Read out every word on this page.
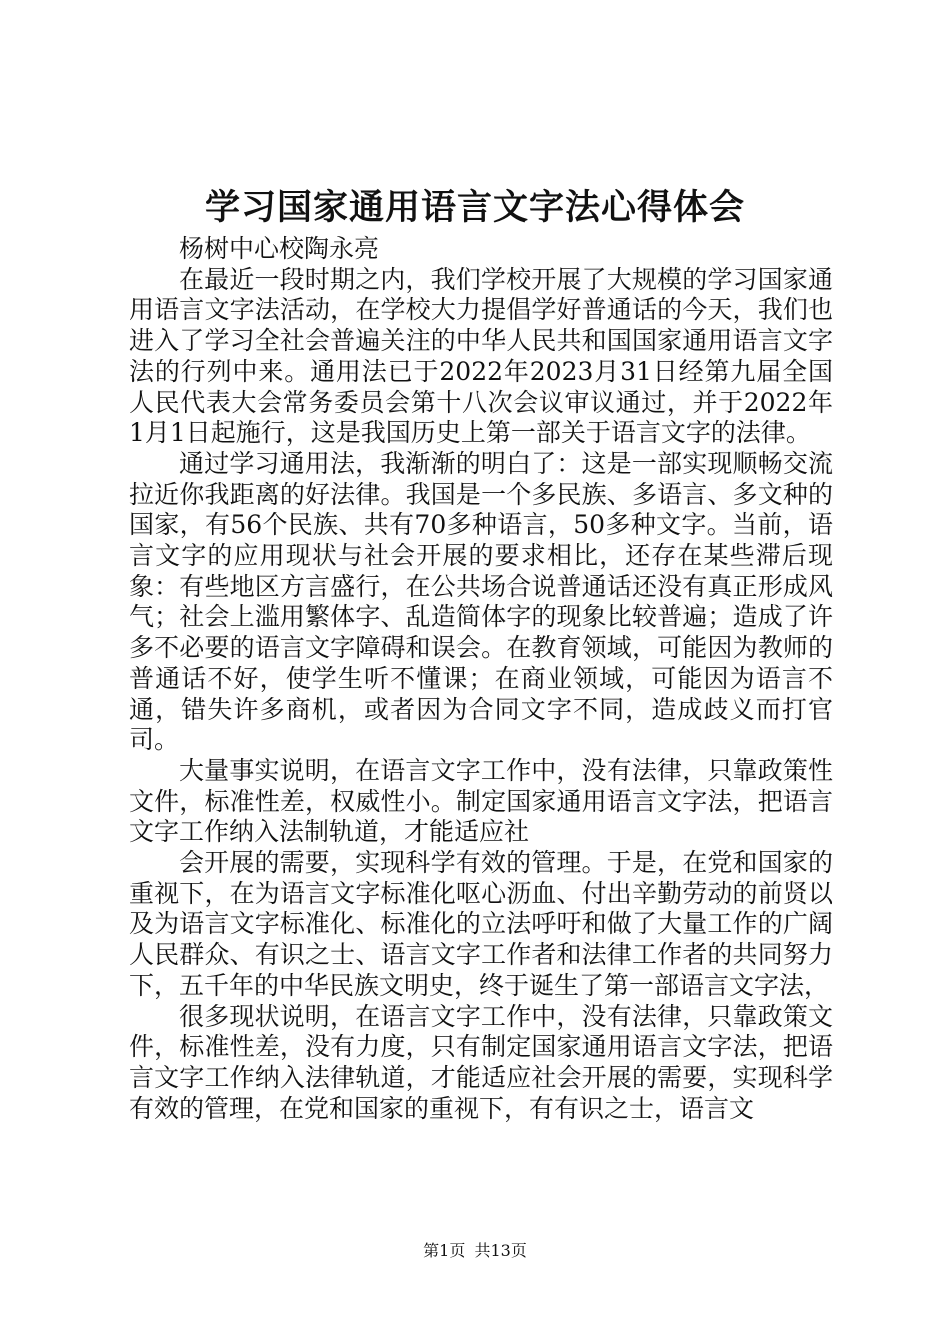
学习国家通用语言文字法心得体会

杨树中心校陶永亮

在最近一段时期之内，我们学校开展了大规模的学习国家通用语言文字法活动，在学校大力提倡学好普通话的今天，我们也进入了学习全社会普遍关注的中华人民共和国国家通用语言文字法的行列中来。通用法已于2022年2023月31日经第九届全国人民代表大会常务委员会第十八次会议审议通过，并于2022年1月1日起施行，这是我国历史上第一部关于语言文字的法律。

通过学习通用法，我渐渐的明白了：这是一部实现顺畅交流拉近你我距离的好法律。我国是一个多民族、多语言、多文种的国家，有56个民族、共有70多种语言，50多种文字。当前，语言文字的应用现状与社会开展的要求相比，还存在某些滞后现象：有些地区方言盛行，在公共场合说普通话还没有真正形成风气；社会上滥用繁体字、乱造简体字的现象比较普遍；造成了许多不必要的语言文字障碍和误会。在教育领域，可能因为教师的普通话不好，使学生听不懂课；在商业领域，可能因为语言不通，错失许多商机，或者因为合同文字不同，造成歧义而打官司。

大量事实说明，在语言文字工作中，没有法律，只靠政策性文件，标准性差，权威性小。制定国家通用语言文字法，把语言文字工作纳入法制轨道，才能适应社

会开展的需要，实现科学有效的管理。于是，在党和国家的重视下，在为语言文字标准化呕心沥血、付出辛勤劳动的前贤以及为语言文字标准化、标准化的立法呼吁和做了大量工作的广阔人民群众、有识之士、语言文字工作者和法律工作者的共同努力下，五千年的中华民族文明史，终于诞生了第一部语言文字法，

很多现状说明，在语言文字工作中，没有法律，只靠政策文件，标准性差，没有力度，只有制定国家通用语言文字法，把语言文字工作纳入法律轨道，才能适应社会开展的需要，实现科学有效的管理，在党和国家的重视下，有有识之士，语言文

第1页 共13页
